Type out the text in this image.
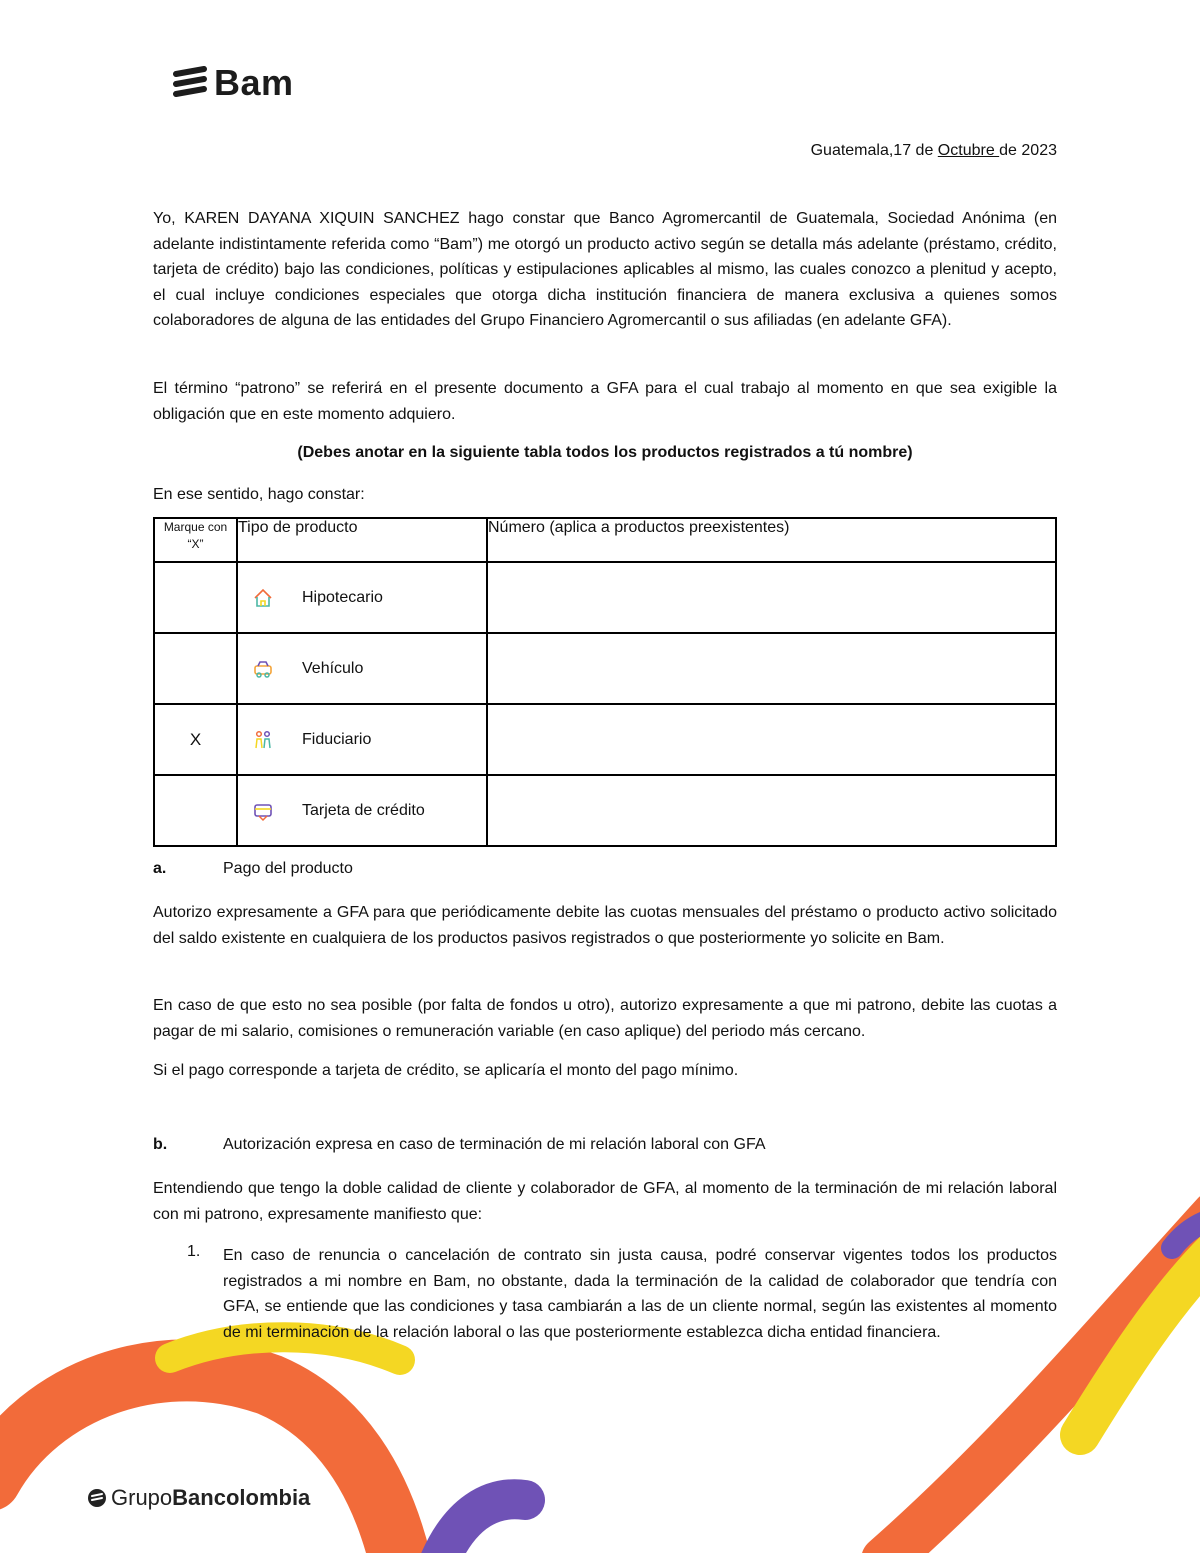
Bam
Guatemala,17 de Octubre de 2023

Yo, KAREN DAYANA XIQUIN SANCHEZ hago constar que Banco Agromercantil de Guatemala, Sociedad Anónima (en adelante indistintamente referida como “Bam”) me otorgó un producto activo según se detalla más adelante (préstamo, crédito, tarjeta de crédito) bajo las condiciones, políticas y estipulaciones aplicables al mismo, las cuales conozco a plenitud y acepto, el cual incluye condiciones especiales que otorga dicha institución financiera de manera exclusiva a quienes somos colaboradores de alguna de las entidades del Grupo Financiero Agromercantil o sus afiliadas (en adelante GFA).

El término “patrono” se referirá en el presente documento a GFA para el cual trabajo al momento en que sea exigible la obligación que en este momento adquiero.

(Debes anotar en la siguiente tabla todos los productos registrados a tú nombre)

En ese sentido, hago constar:

Marque con “X”	Tipo de producto	Número (aplica a productos preexistentes)

	Hipotecario	

	Vehículo	

X	Fiduciario	

	Tarjeta de crédito	

a.	Pago del producto

Autorizo expresamente a GFA para que periódicamente debite las cuotas mensuales del préstamo o producto activo solicitado del saldo existente en cualquiera de los productos pasivos registrados o que posteriormente yo solicite en Bam.

En caso de que esto no sea posible (por falta de fondos u otro), autorizo expresamente a que mi patrono, debite las cuotas a pagar de mi salario, comisiones o remuneración variable (en caso aplique) del periodo más cercano.

Si el pago corresponde a tarjeta de crédito, se aplicaría el monto del pago mínimo.

b.	Autorización expresa en caso de terminación de mi relación laboral con GFA

Entendiendo que tengo la doble calidad de cliente y colaborador de GFA, al momento de la terminación de mi relación laboral con mi patrono, expresamente manifiesto que:

1.	En caso de renuncia o cancelación de contrato sin justa causa, podré conservar vigentes todos los productos registrados a mi nombre en Bam, no obstante, dada la terminación de la calidad de colaborador que tendría con GFA, se entiende que las condiciones y tasa cambiarán a las de un cliente normal, según las existentes al momento de mi terminación de la relación laboral o las que posteriormente establezca dicha entidad financiera.
Grupo Bancolombia
